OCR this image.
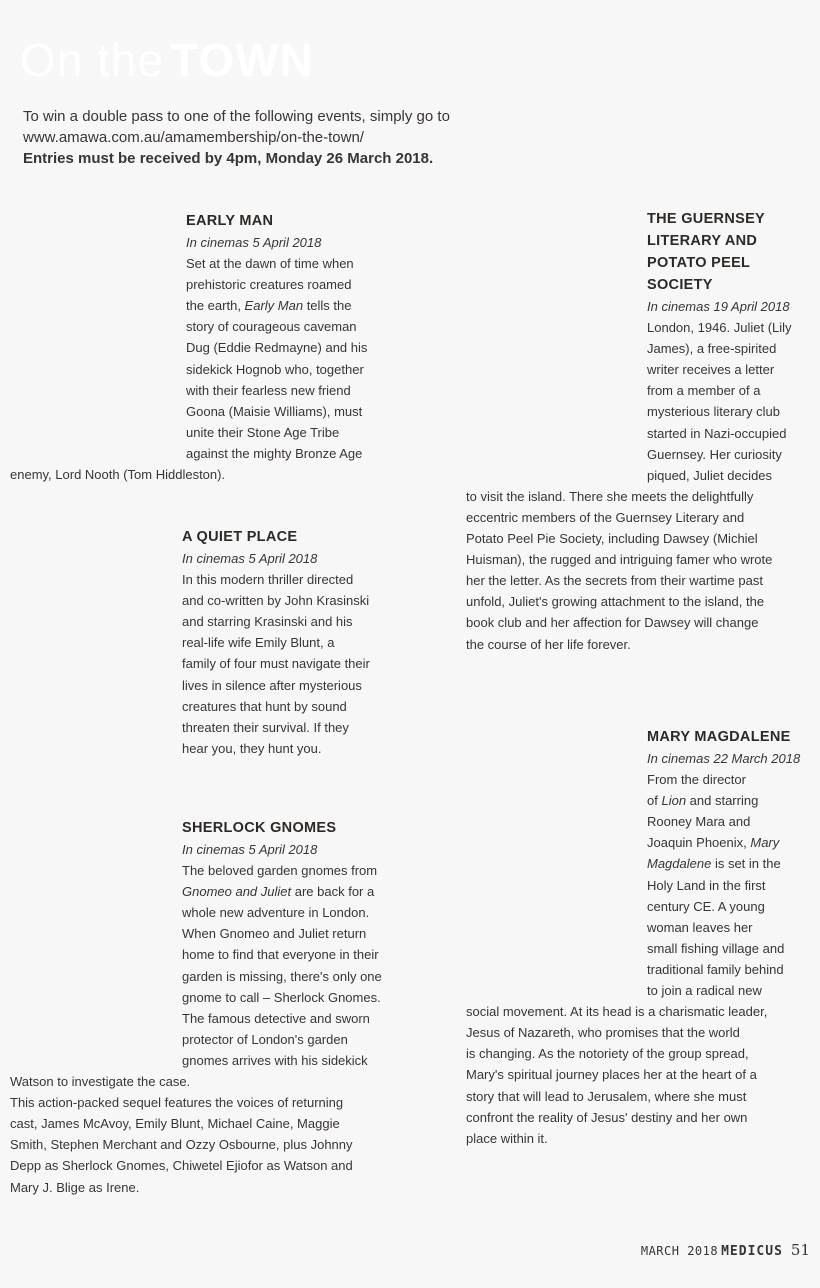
On the TOWN
To win a double pass to one of the following events, simply go to
www.amawa.com.au/amamembership/on-the-town/
Entries must be received by 4pm, Monday 26 March 2018.
EARLY MAN
In cinemas 5 April 2018
Set at the dawn of time when
prehistoric creatures roamed
the earth, Early Man tells the
story of courageous caveman
Dug (Eddie Redmayne) and his
sidekick Hognob who, together
with their fearless new friend
Goona (Maisie Williams), must
unite their Stone Age Tribe
against the mighty Bronze Age
enemy, Lord Nooth (Tom Hiddleston).
A QUIET PLACE
In cinemas 5 April 2018
In this modern thriller directed
and co-written by John Krasinski
and starring Krasinski and his
real-life wife Emily Blunt, a
family of four must navigate their
lives in silence after mysterious
creatures that hunt by sound
threaten their survival. If they
hear you, they hunt you.
SHERLOCK GNOMES
In cinemas 5 April 2018
The beloved garden gnomes from
Gnomeo and Juliet are back for a
whole new adventure in London.
When Gnomeo and Juliet return
home to find that everyone in their
garden is missing, there's only one
gnome to call – Sherlock Gnomes.
The famous detective and sworn
protector of London's garden
gnomes arrives with his sidekick
Watson to investigate the case.
This action-packed sequel features the voices of returning
cast, James McAvoy, Emily Blunt, Michael Caine, Maggie
Smith, Stephen Merchant and Ozzy Osbourne, plus Johnny
Depp as Sherlock Gnomes, Chiwetel Ejiofor as Watson and
Mary J. Blige as Irene.
THE GUERNSEY
LITERARY AND
POTATO PEEL
SOCIETY
In cinemas 19 April 2018
London, 1946. Juliet (Lily
James), a free-spirited
writer receives a letter
from a member of a
mysterious literary club
started in Nazi-occupied
Guernsey. Her curiosity
piqued, Juliet decides
to visit the island. There she meets the delightfully
eccentric members of the Guernsey Literary and
Potato Peel Pie Society, including Dawsey (Michiel
Huisman), the rugged and intriguing famer who wrote
her the letter. As the secrets from their wartime past
unfold, Juliet's growing attachment to the island, the
book club and her affection for Dawsey will change
the course of her life forever.
MARY MAGDALENE
In cinemas 22 March 2018
From the director
of Lion and starring
Rooney Mara and
Joaquin Phoenix, Mary
Magdalene is set in the
Holy Land in the first
century CE. A young
woman leaves her
small fishing village and
traditional family behind
to join a radical new
social movement. At its head is a charismatic leader,
Jesus of Nazareth, who promises that the world
is changing. As the notoriety of the group spread,
Mary's spiritual journey places her at the heart of a
story that will lead to Jerusalem, where she must
confront the reality of Jesus' destiny and her own
place within it.
MARCH 2018 MEDICUS 51
